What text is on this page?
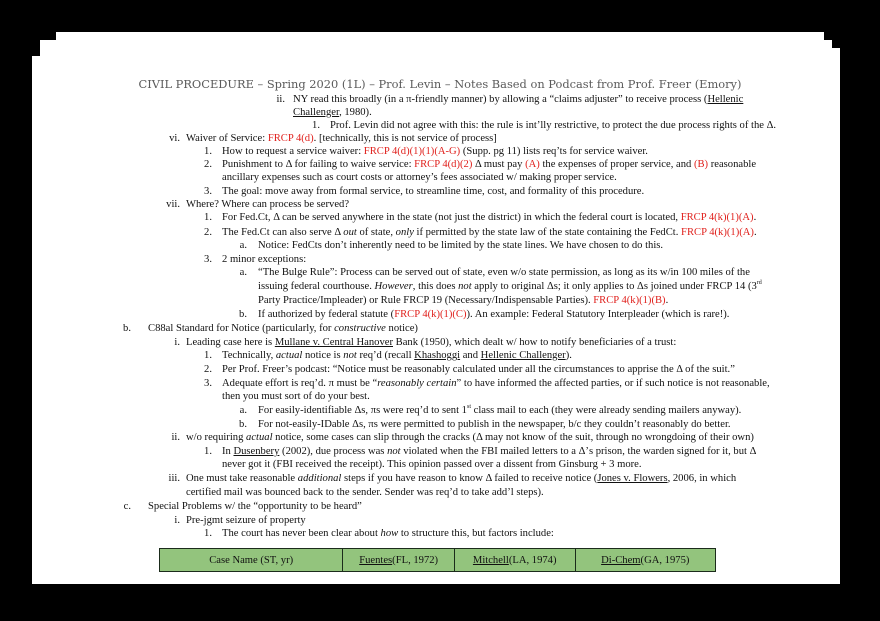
CIVIL PROCEDURE – Spring 2020 (1L) – Prof. Levin – Notes Based on Podcast from Prof. Freer (Emory)
ii. NY read this broadly (in a π-friendly manner) by allowing a “claims adjuster” to receive process (Hellenic
Challenger, 1980).
1. Prof. Levin did not agree with this: the rule is int’lly restrictive, to protect the due process rights of the Δ.
vi. Waiver of Service: FRCP 4(d). [technically, this is not service of process]
1. How to request a service waiver: FRCP 4(d)(1)(1)(A-G) (Supp. pg 11) lists req’ts for service waiver.
2. Punishment to Δ for failing to waive service: FRCP 4(d)(2) Δ must pay (A) the expenses of proper service, and (B) reasonable
ancillary expenses such as court costs or attorney’s fees associated w/ making proper service.
3. The goal: move away from formal service, to streamline time, cost, and formality of this procedure.
vii. Where? Where can process be served?
1. For Fed.Ct, Δ can be served anywhere in the state (not just the district) in which the federal court is located, FRCP 4(k)(1)(A).
2. The Fed.Ct can also serve Δ out of state, only if permitted by the state law of the state containing the FedCt. FRCP 4(k)(1)(A).
a. Notice: FedCts don’t inherently need to be limited by the state lines. We have chosen to do this.
3. 2 minor exceptions:
a. “The Bulge Rule”: Process can be served out of state, even w/o state permission, as long as its w/in 100 miles of the
issuing federal courthouse. However, this does not apply to original Δs; it only applies to Δs joined under FRCP 14 (3rd
Party Practice/Impleader) or Rule FRCP 19 (Necessary/Indispensable Parties). FRCP 4(k)(1)(B).
b. If authorized by federal statute (FRCP 4(k)(1)(C)). An example: Federal Statutory Interpleader (which is rare!).
b. C88al Standard for Notice (particularly, for constructive notice)
i. Leading case here is Mullane v. Central Hanover Bank (1950), which dealt w/ how to notify beneficiaries of a trust:
1. Technically, actual notice is not req’d (recall Khashoggi and Hellenic Challenger).
2. Per Prof. Freer’s podcast: “Notice must be reasonably calculated under all the circumstances to apprise the Δ of the suit.”
3. Adequate effort is req’d. π must be “reasonably certain” to have informed the affected parties, or if such notice is not reasonable,
then you must sort of do your best.
a. For easily-identifiable Δs, πs were req’d to sent 1st class mail to each (they were already sending mailers anyway).
b. For not-easily-IDable Δs, πs were permitted to publish in the newspaper, b/c they couldn’t reasonably do better.
ii. w/o requiring actual notice, some cases can slip through the cracks (Δ may not know of the suit, through no wrongdoing of their own)
1. In Dusenbery (2002), due process was not violated when the FBI mailed letters to a Δ’s prison, the warden signed for it, but Δ
never got it (FBI received the receipt). This opinion passed over a dissent from Ginsburg + 3 more.
iii. One must take reasonable additional steps if you have reason to know Δ failed to receive notice (Jones v. Flowers, 2006, in which
certified mail was bounced back to the sender. Sender was req’d to take add’l steps).
c. Special Problems w/ the “opportunity to be heard”
i. Pre-jgmt seizure of property
1. The court has never been clear about how to structure this, but factors include:
Case Name (ST, yr)	Fuentes (FL, 1972)	Mitchell (LA, 1974)	Di-Chem (GA, 1975)
